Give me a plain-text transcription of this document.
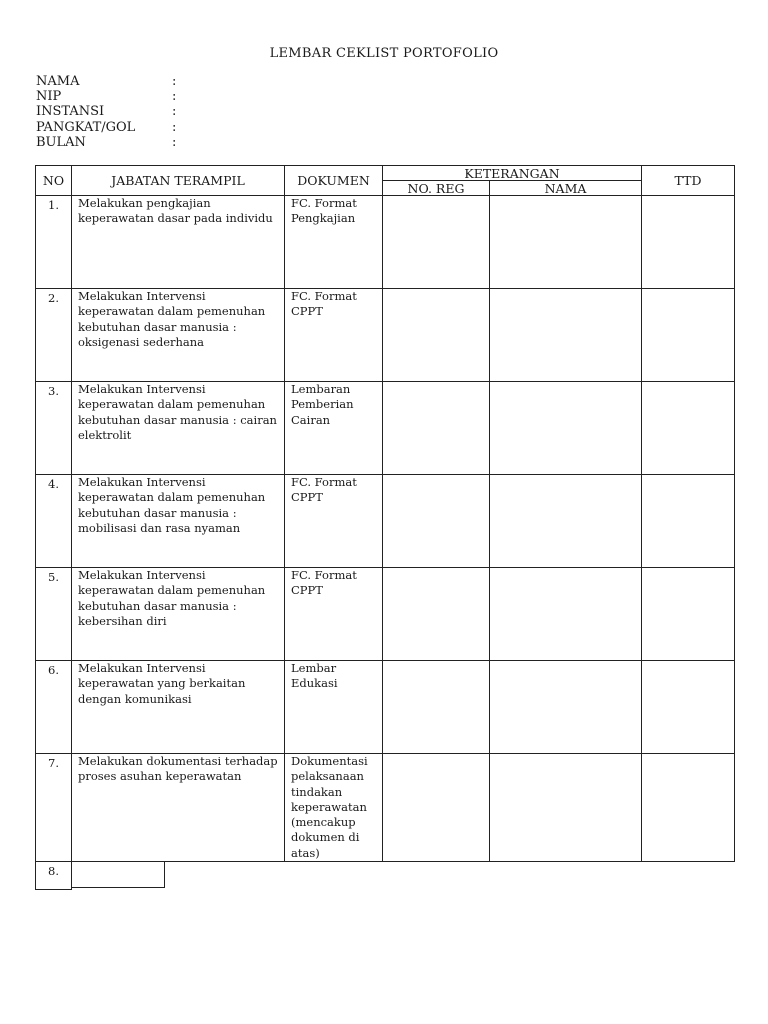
LEMBAR CEKLIST PORTOFOLIO
NAMA	:
NIP	:
INSTANSI	:
PANGKAT/GOL	:
BULAN	:
NO	JABATAN TERAMPIL	DOKUMEN	KETERANGAN		TTD
			NO. REG	NAMA	
1.	Melakukan pengkajian keperawatan dasar pada individu	FC. Format Pengkajian			
2.	Melakukan Intervensi keperawatan dalam pemenuhan kebutuhan dasar manusia : oksigenasi sederhana	FC. Format CPPT			
3.	Melakukan Intervensi keperawatan dalam pemenuhan kebutuhan dasar manusia : cairan elektrolit	Lembaran Pemberian Cairan			
4.	Melakukan Intervensi keperawatan dalam pemenuhan kebutuhan dasar manusia : mobilisasi dan rasa nyaman	FC. Format CPPT			
5.	Melakukan Intervensi keperawatan dalam pemenuhan kebutuhan dasar manusia : kebersihan diri	FC. Format CPPT			
6.	Melakukan Intervensi keperawatan yang berkaitan dengan komunikasi	Lembar Edukasi			
7.	Melakukan dokumentasi terhadap proses asuhan keperawatan	Dokumentasi pelaksanaan tindakan keperawatan (mencakup dokumen di atas)			
8.	
